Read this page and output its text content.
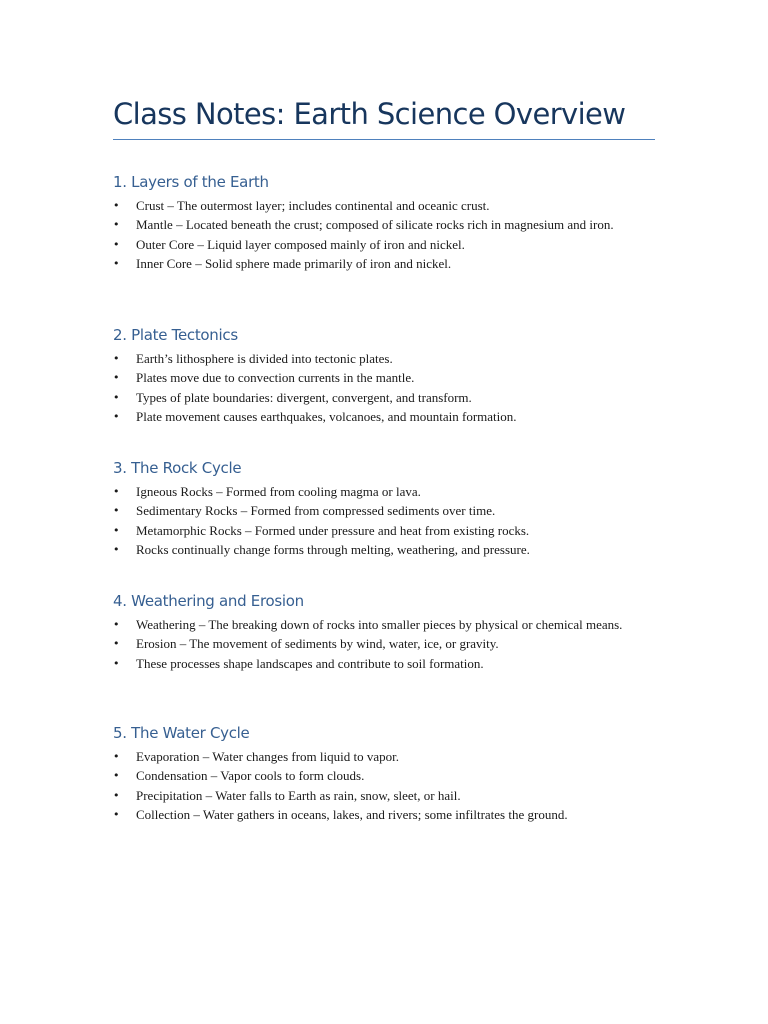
Class Notes: Earth Science Overview
1. Layers of the Earth
• Crust – The outermost layer; includes continental and oceanic crust.
• Mantle – Located beneath the crust; composed of silicate rocks rich in magnesium and iron.
• Outer Core – Liquid layer composed mainly of iron and nickel.
• Inner Core – Solid sphere made primarily of iron and nickel.
2. Plate Tectonics
• Earth’s lithosphere is divided into tectonic plates.
• Plates move due to convection currents in the mantle.
• Types of plate boundaries: divergent, convergent, and transform.
• Plate movement causes earthquakes, volcanoes, and mountain formation.
3. The Rock Cycle
• Igneous Rocks – Formed from cooling magma or lava.
• Sedimentary Rocks – Formed from compressed sediments over time.
• Metamorphic Rocks – Formed under pressure and heat from existing rocks.
• Rocks continually change forms through melting, weathering, and pressure.
4. Weathering and Erosion
• Weathering – The breaking down of rocks into smaller pieces by physical or chemical means.
• Erosion – The movement of sediments by wind, water, ice, or gravity.
• These processes shape landscapes and contribute to soil formation.
5. The Water Cycle
• Evaporation – Water changes from liquid to vapor.
• Condensation – Vapor cools to form clouds.
• Precipitation – Water falls to Earth as rain, snow, sleet, or hail.
• Collection – Water gathers in oceans, lakes, and rivers; some infiltrates the ground.
